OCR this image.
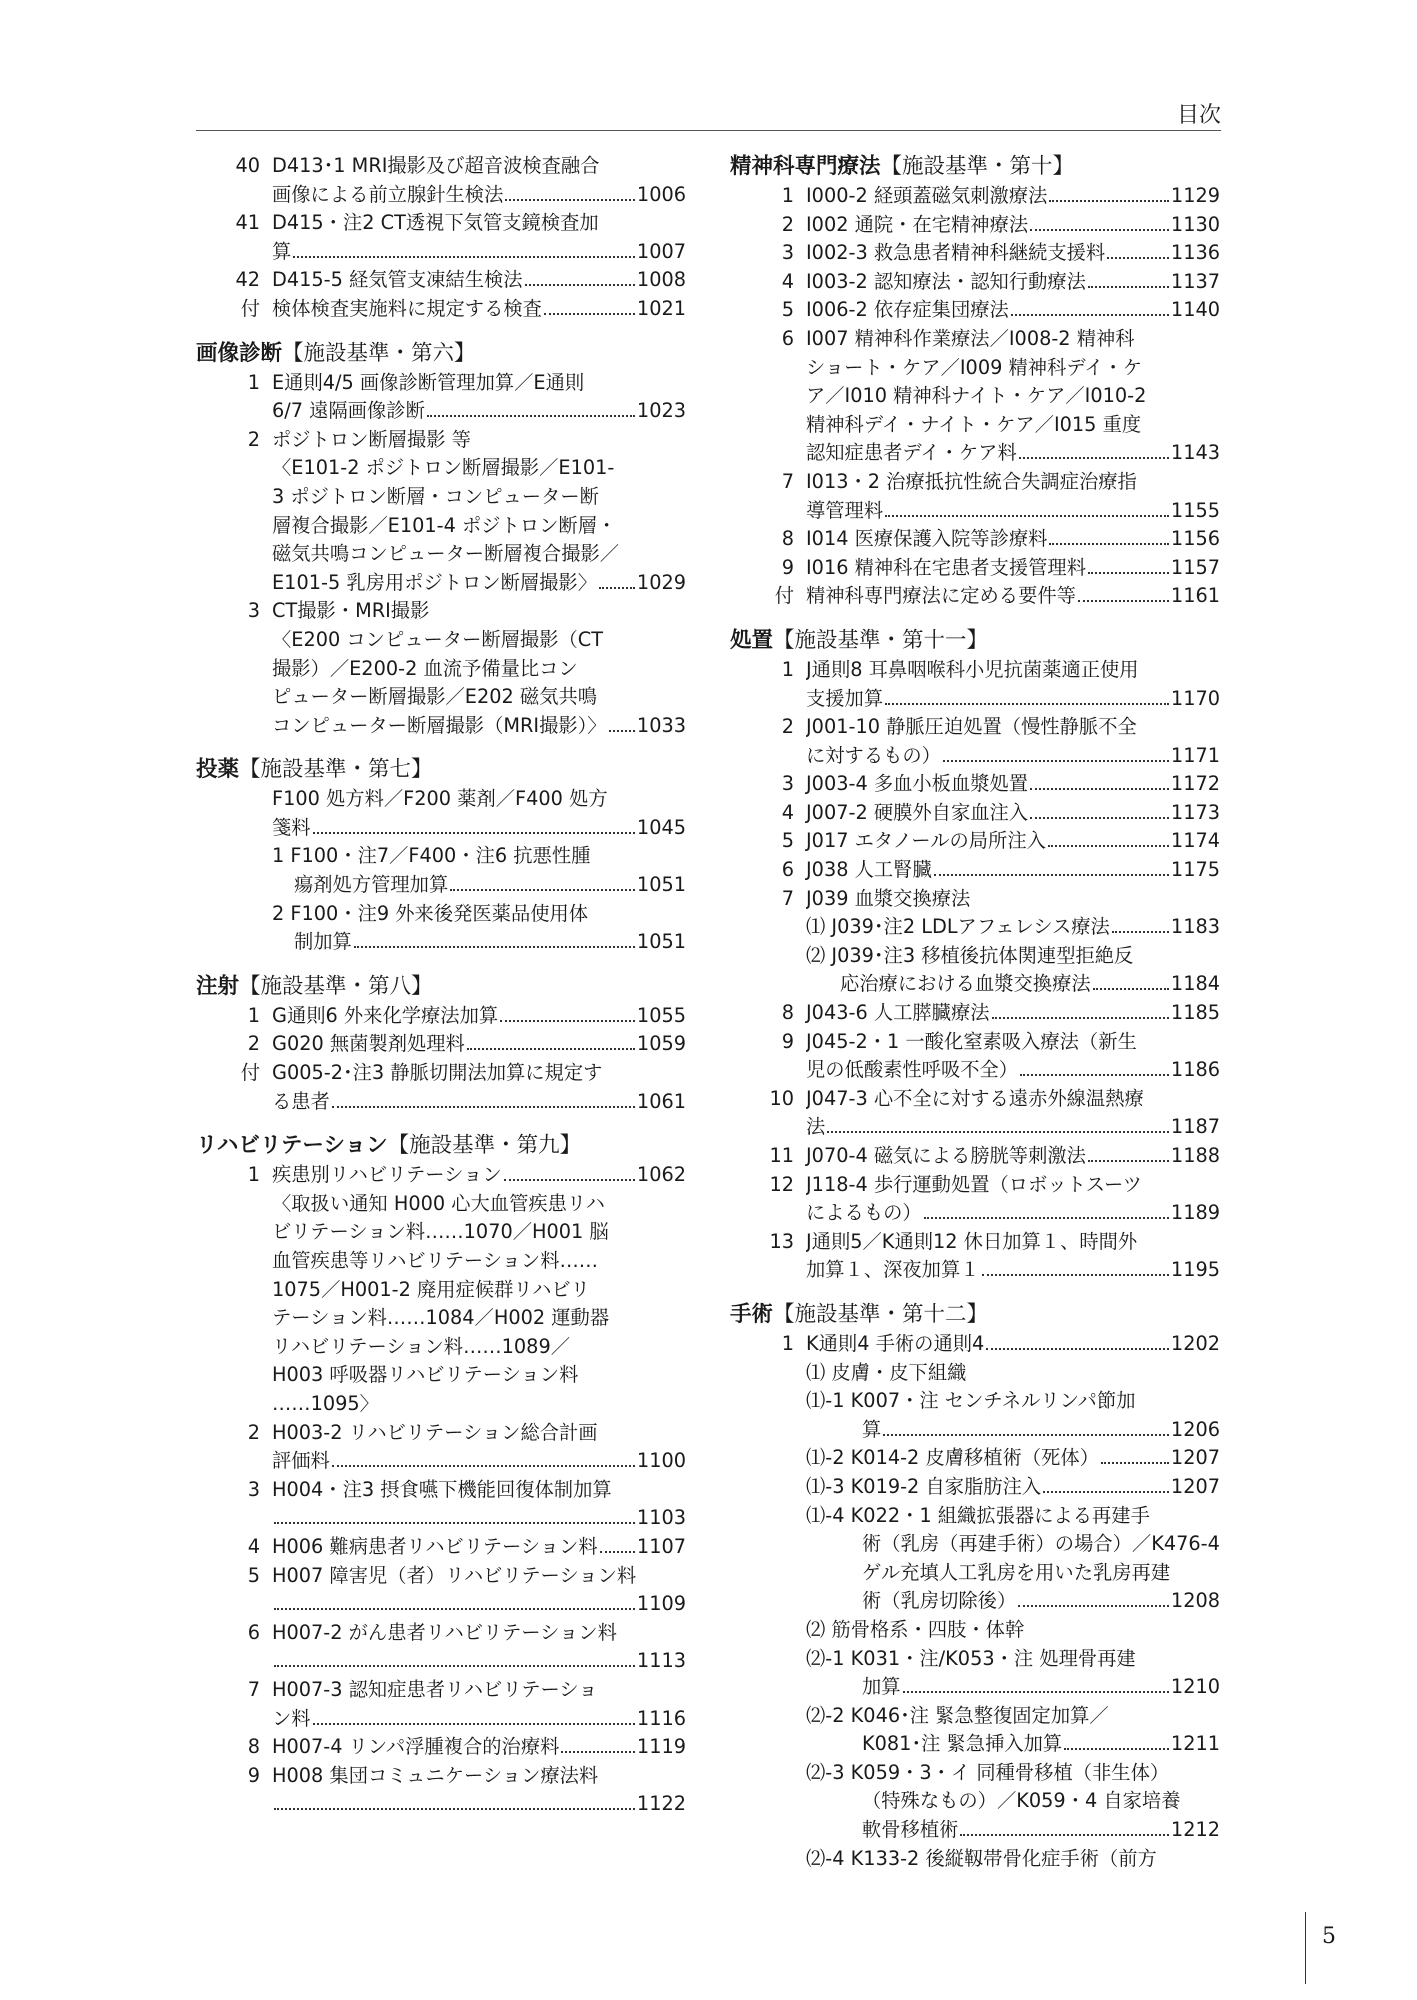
目次
40 D413･1 MRI撮影及び超音波検査融合
画像による前立腺針生検法	1006
41 D415・注2 CT透視下気管支鏡検査加
算	1007
42 D415-5 経気管支凍結生検法	1008
付 検体検査実施料に規定する検査	1021
画像診断【施設基準・第六】
1 E通則4/5 画像診断管理加算／E通則
6/7 遠隔画像診断	1023
2 ポジトロン断層撮影 等
〈E101-2 ポジトロン断層撮影／E101-
3 ポジトロン断層・コンピューター断
層複合撮影／E101-4 ポジトロン断層・
磁気共鳴コンピューター断層複合撮影／
E101-5 乳房用ポジトロン断層撮影〉 1029
3 CT撮影・MRI撮影
〈E200 コンピューター断層撮影（CT
撮影）／E200-2 血流予備量比コン
ピューター断層撮影／E202 磁気共鳴
コンピューター断層撮影（MRI撮影）〉 1033
投薬【施設基準・第七】
F100 処方料／F200 薬剤／F400 処方
箋料	1045
1 F100・注7／F400・注6 抗悪性腫
瘍剤処方管理加算	1051
2 F100・注9 外来後発医薬品使用体
制加算	1051
注射【施設基準・第八】
1 G通則6 外来化学療法加算	1055
2 G020 無菌製剤処理料	1059
付 G005-2･注3 静脈切開法加算に規定す
る患者	1061
リハビリテーション【施設基準・第九】
1 疾患別リハビリテーション	1062
〈取扱い通知 H000 心大血管疾患リハ
ビリテーション料……1070／H001 脳
血管疾患等リハビリテーション料……
1075／H001-2 廃用症候群リハビリ
テーション料……1084／H002 運動器
リハビリテーション料……1089／
H003 呼吸器リハビリテーション料
……1095〉
2 H003-2 リハビリテーション総合計画
評価料	1100
3 H004・注3 摂食嚥下機能回復体制加算
1103
4 H006 難病患者リハビリテーション料 1107
5 H007 障害児（者）リハビリテーション料
1109
6 H007-2 がん患者リハビリテーション料
1113
7 H007-3 認知症患者リハビリテーショ
ン料	1116
8 H007-4 リンパ浮腫複合的治療料	1119
9 H008 集団コミュニケーション療法料
1122
精神科専門療法【施設基準・第十】
1 I000-2 経頭蓋磁気刺激療法	1129
2 I002 通院・在宅精神療法	1130
3 I002-3 救急患者精神科継続支援料	1136
4 I003-2 認知療法・認知行動療法	1137
5 I006-2 依存症集団療法	1140
6 I007 精神科作業療法／I008-2 精神科
ショート・ケア／I009 精神科デイ・ケ
ア／I010 精神科ナイト・ケア／I010-2
精神科デイ・ナイト・ケア／I015 重度
認知症患者デイ・ケア料	1143
7 I013・2 治療抵抗性統合失調症治療指
導管理料	1155
8 I014 医療保護入院等診療料	1156
9 I016 精神科在宅患者支援管理料	1157
付 精神科専門療法に定める要件等	1161
処置【施設基準・第十一】
1 J通則8 耳鼻咽喉科小児抗菌薬適正使用
支援加算	1170
2 J001-10 静脈圧迫処置（慢性静脈不全
に対するもの）	1171
3 J003-4 多血小板血漿処置	1172
4 J007-2 硬膜外自家血注入	1173
5 J017 エタノールの局所注入	1174
6 J038 人工腎臓	1175
7 J039 血漿交換療法
⑴ J039･注2 LDLアフェレシス療法	1183
⑵ J039･注3 移植後抗体関連型拒絶反
応治療における血漿交換療法	1184
8 J043-6 人工膵臓療法	1185
9 J045-2・1 一酸化窒素吸入療法（新生
児の低酸素性呼吸不全）	1186
10 J047-3 心不全に対する遠赤外線温熱療
法	1187
11 J070-4 磁気による膀胱等刺激法	1188
12 J118-4 歩行運動処置（ロボットスーツ
によるもの）	1189
13 J通則5／K通則12 休日加算１、時間外
加算１、深夜加算１	1195
手術【施設基準・第十二】
1 K通則4 手術の通則4	1202
⑴ 皮膚・皮下組織
⑴-1 K007・注 センチネルリンパ節加
算	1206
⑴-2 K014-2 皮膚移植術（死体）	1207
⑴-3 K019-2 自家脂肪注入	1207
⑴-4 K022・1 組織拡張器による再建手
術（乳房（再建手術）の場合）／K476-4
ゲル充填人工乳房を用いた乳房再建
術（乳房切除後）	1208
⑵ 筋骨格系・四肢・体幹
⑵-1 K031・注/K053・注 処理骨再建
加算	1210
⑵-2 K046･注 緊急整復固定加算／
K081･注 緊急挿入加算	1211
⑵-3 K059・3・イ 同種骨移植（非生体）
（特殊なもの）／K059・4 自家培養
軟骨移植術	1212
⑵-4 K133-2 後縦靱帯骨化症手術（前方
5
